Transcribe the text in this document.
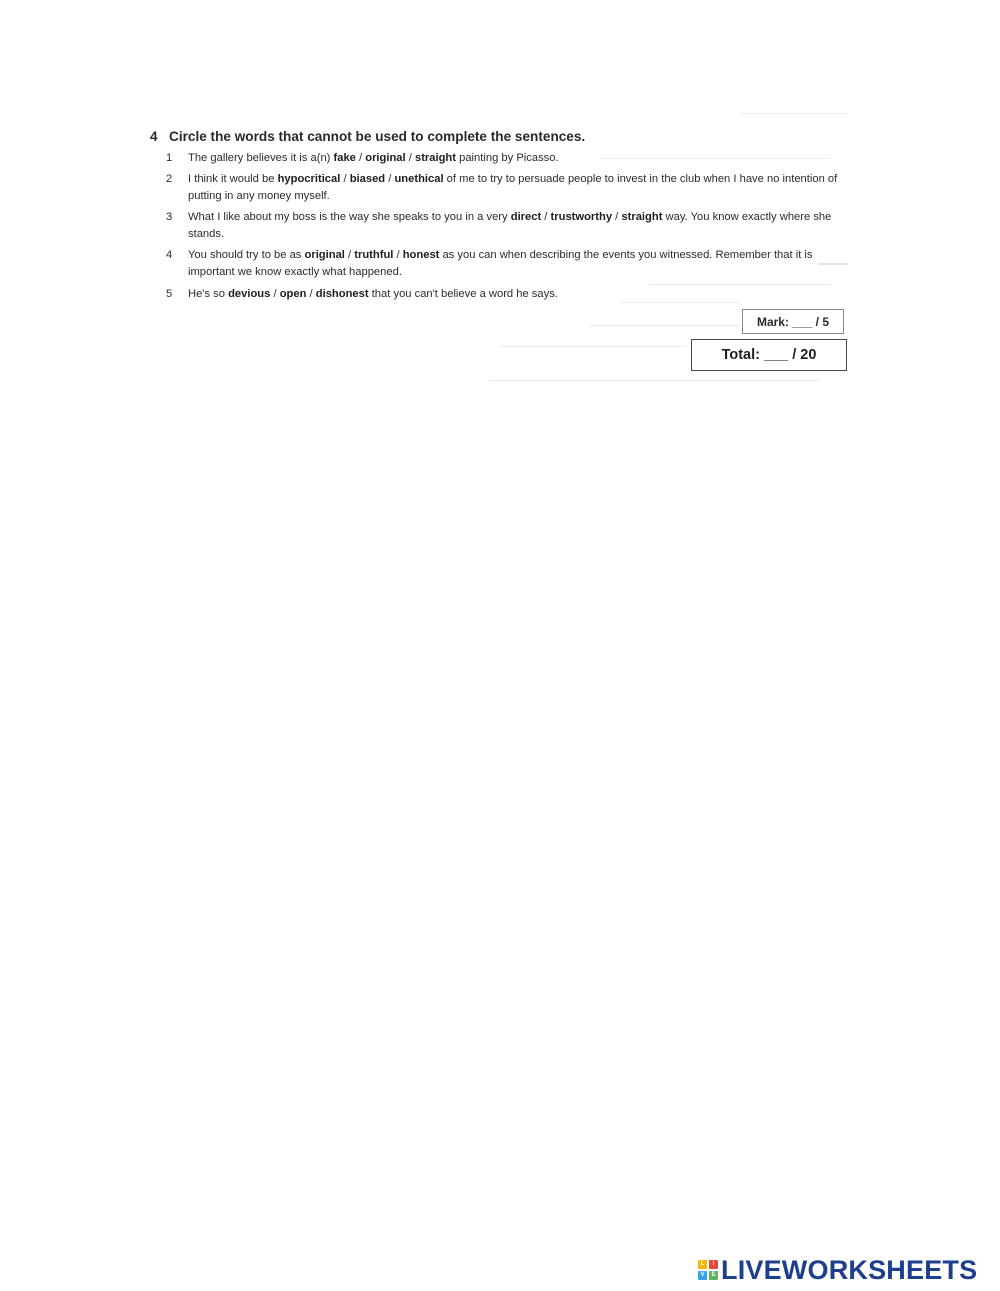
4 Circle the words that cannot be used to complete the sentences.
1	The gallery believes it is a(n) fake / original / straight painting by Picasso.
2	I think it would be hypocritical / biased / unethical of me to try to persuade people to invest in the club when I have no intention of putting in any money myself.
3	What I like about my boss is the way she speaks to you in a very direct / trustworthy / straight way. You know exactly where she stands.
4	You should try to be as original / truthful / honest as you can when describing the events you witnessed. Remember that it is important we know exactly what happened.
5	He's so devious / open / dishonest that you can't believe a word he says.
Mark: ___ / 5
Total: ___ / 20
L	I
V	E LIVEWORKSHEETS
